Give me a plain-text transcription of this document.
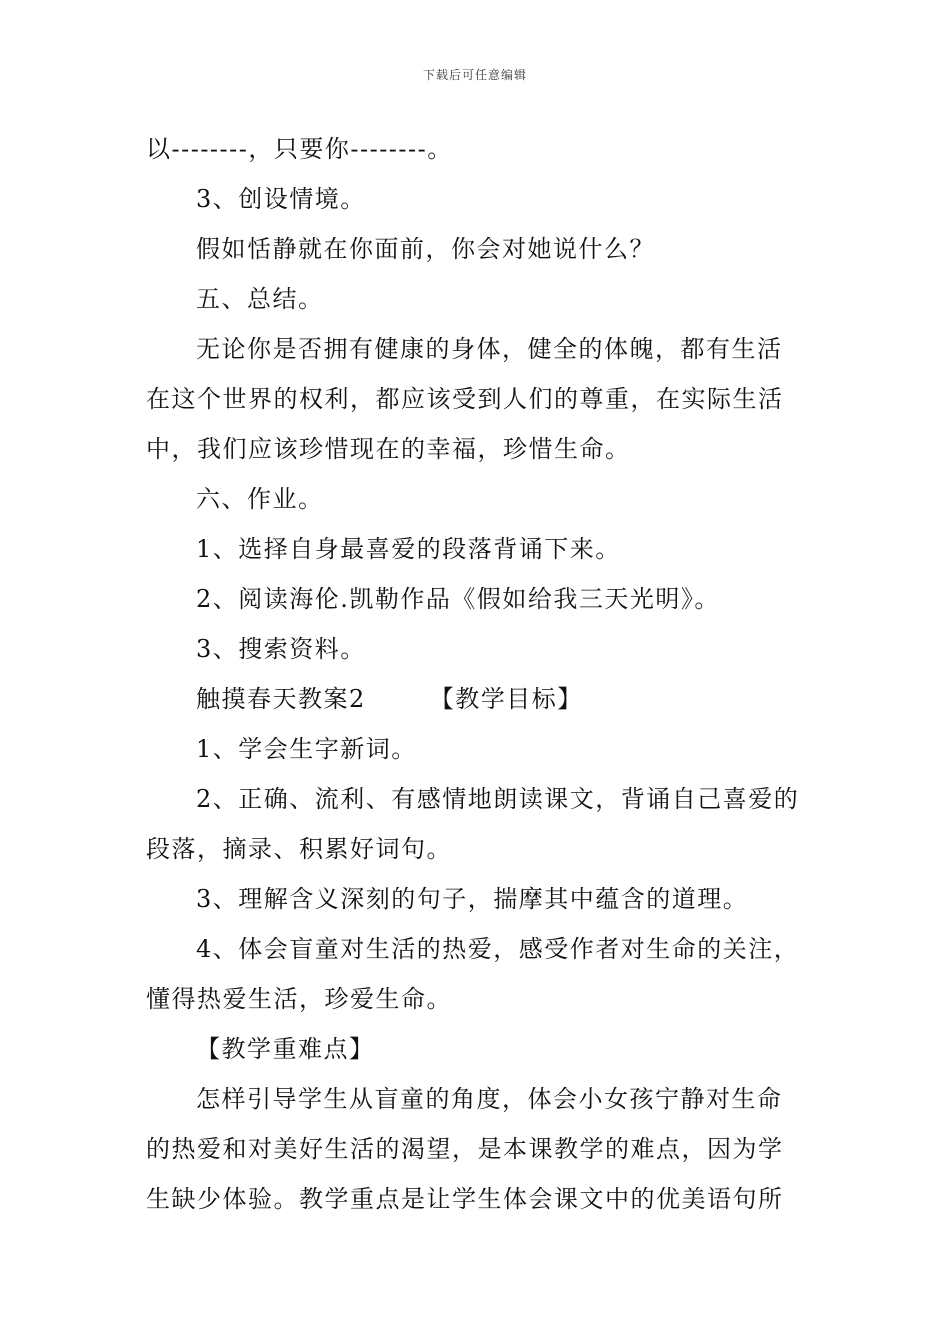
下载后可任意编辑

以--------，只要你--------。

3、创设情境。

假如恬静就在你面前，你会对她说什么？

五、总结。

无论你是否拥有健康的身体，健全的体魄，都有生活在这个世界的权利，都应该受到人们的尊重，在实际生活中，我们应该珍惜现在的幸福，珍惜生命。

六、作业。

1、选择自身最喜爱的段落背诵下来。

2、阅读海伦.凯勒作品《假如给我三天光明》。

3、搜索资料。

触摸春天教案2	【教学目标】

1、学会生字新词。

2、正确、流利、有感情地朗读课文，背诵自己喜爱的段落，摘录、积累好词句。

3、理解含义深刻的句子，揣摩其中蕴含的道理。

4、体会盲童对生活的热爱，感受作者对生命的关注，懂得热爱生活，珍爱生命。

【教学重难点】

怎样引导学生从盲童的角度，体会小女孩宁静对生命的热爱和对美好生活的渴望，是本课教学的难点，因为学生缺少体验。教学重点是让学生体会课文中的优美语句所
